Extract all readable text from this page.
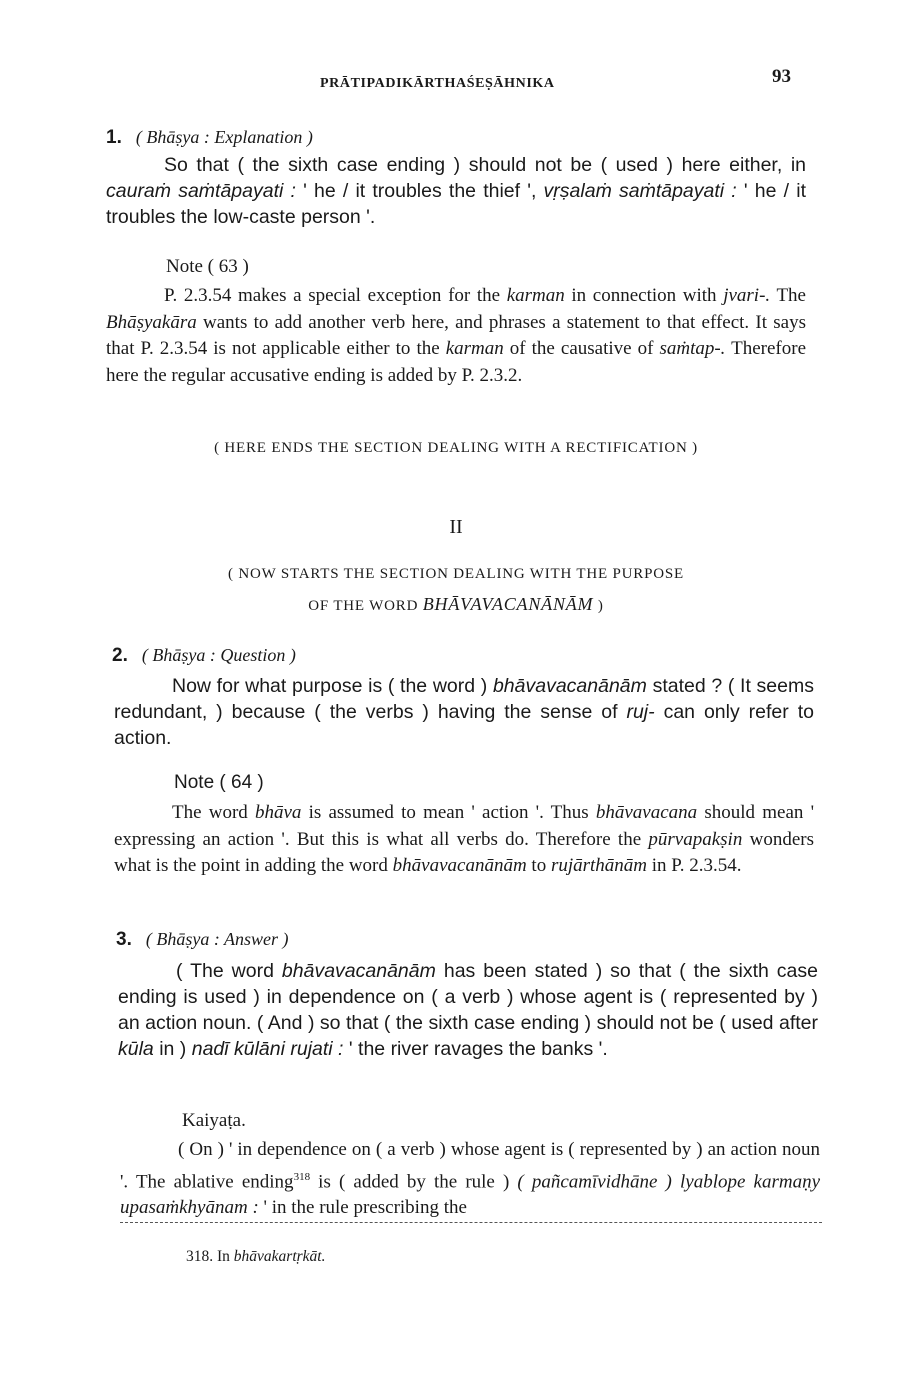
PRĀTIPADIKĀRTHAŚEṢĀHNIKA	93
1. ( Bhāṣya : Explanation )

So that ( the sixth case ending ) should not be ( used ) here either, in cauraṁ saṁtāpayati : ' he / it troubles the thief ', vṛṣalaṁ saṁtāpayati : ' he / it troubles the low-caste person '.

Note ( 63 )

P. 2.3.54 makes a special exception for the karman in connection with jvari-. The Bhāṣyakāra wants to add another verb here, and phrases a statement to that effect. It says that P. 2.3.54 is not applicable either to the karman of the causative of saṁtap-. Therefore here the regular accusative ending is added by P. 2.3.2.

( HERE ENDS THE SECTION DEALING WITH A RECTIFICATION )
II
( NOW STARTS THE SECTION DEALING WITH THE PURPOSE
OF THE WORD BHĀVAVACANĀNĀM )
2. ( Bhāṣya : Question )

Now for what purpose is ( the word ) bhāvavacanānām stated ? ( It seems redundant, ) because ( the verbs ) having the sense of ruj- can only refer to action.

Note ( 64 )

The word bhāva is assumed to mean ' action '. Thus bhāvavacana should mean ' expressing an action '. But this is what all verbs do. Therefore the pūrvapakṣin wonders what is the point in adding the word bhāvavacanānām to rujārthānām in P. 2.3.54.

3. ( Bhāṣya : Answer )

( The word bhāvavacanānām has been stated ) so that ( the sixth case ending is used ) in dependence on ( a verb ) whose agent is ( represented by ) an action noun. ( And ) so that ( the sixth case ending ) should not be ( used after kūla in ) nadī kūlāni rujati : ' the river ravages the banks '.

Kaiyaṭa.

( On ) ' in dependence on ( a verb ) whose agent is ( represented by ) an action noun '. The ablative ending$^{318}$ is ( added by the rule ) ( pañcamīvidhāne ) lyablope karmaṇy upasaṁkhyānam : ' in the rule prescribing the

318. In bhāvakartṛkāt.
